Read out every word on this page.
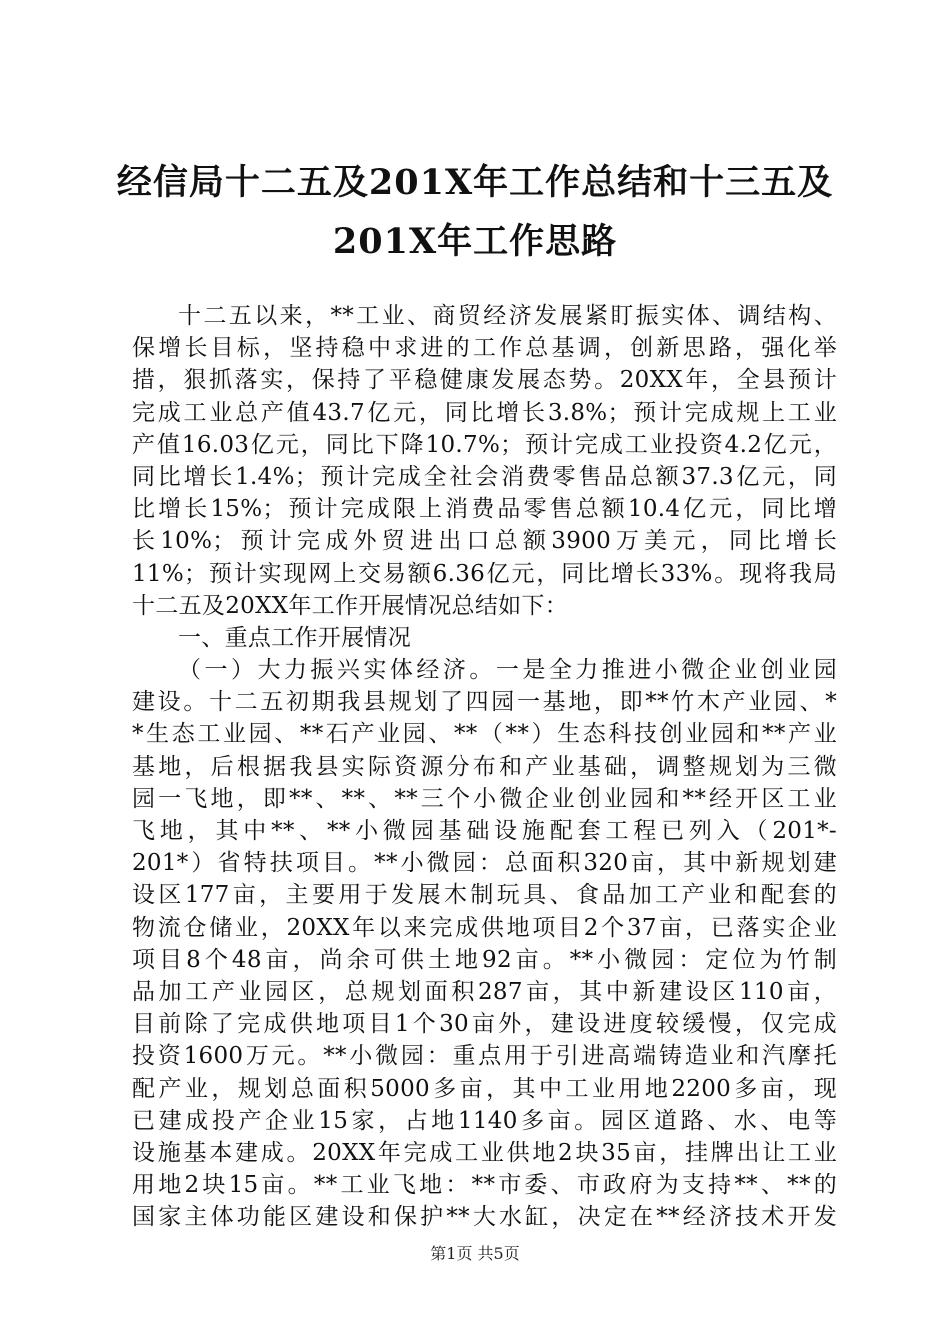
经信局十二五及201X年工作总结和十三五及
201X年工作思路
十二五以来，**工业、商贸经济发展紧盯振实体、调结构、
保增长目标，坚持稳中求进的工作总基调，创新思路，强化举
措，狠抓落实，保持了平稳健康发展态势。20XX年，全县预计
完成工业总产值43.7亿元，同比增长3.8%；预计完成规上工业
产值16.03亿元，同比下降10.7%；预计完成工业投资4.2亿元，
同比增长1.4%；预计完成全社会消费零售品总额37.3亿元，同
比增长15%；预计完成限上消费品零售总额10.4亿元，同比增
长10%；预计完成外贸进出口总额3900万美元，同比增长
11%；预计实现网上交易额6.36亿元，同比增长33%。现将我局
十二五及20XX年工作开展情况总结如下：
一、重点工作开展情况
（一）大力振兴实体经济。一是全力推进小微企业创业园
建设。十二五初期我县规划了四园一基地，即**竹木产业园、*
*生态工业园、**石产业园、**（**）生态科技创业园和**产业
基地，后根据我县实际资源分布和产业基础，调整规划为三微
园一飞地，即**、**、**三个小微企业创业园和**经开区工业
飞地，其中**、**小微园基础设施配套工程已列入（201*-
201*）省特扶项目。**小微园：总面积320亩，其中新规划建
设区177亩，主要用于发展木制玩具、食品加工产业和配套的
物流仓储业，20XX年以来完成供地项目2个37亩，已落实企业
项目8个48亩，尚余可供土地92亩。**小微园：定位为竹制
品加工产业园区，总规划面积287亩，其中新建设区110亩，
目前除了完成供地项目1个30亩外，建设进度较缓慢，仅完成
投资1600万元。**小微园：重点用于引进高端铸造业和汽摩托
配产业，规划总面积5000多亩，其中工业用地2200多亩，现
已建成投产企业15家，占地1140多亩。园区道路、水、电等
设施基本建成。20XX年完成工业供地2块35亩，挂牌出让工业
用地2块15亩。**工业飞地：**市委、市政府为支持**、**的
国家主体功能区建设和保护**大水缸，决定在**经济技术开发
第1页 共5页
